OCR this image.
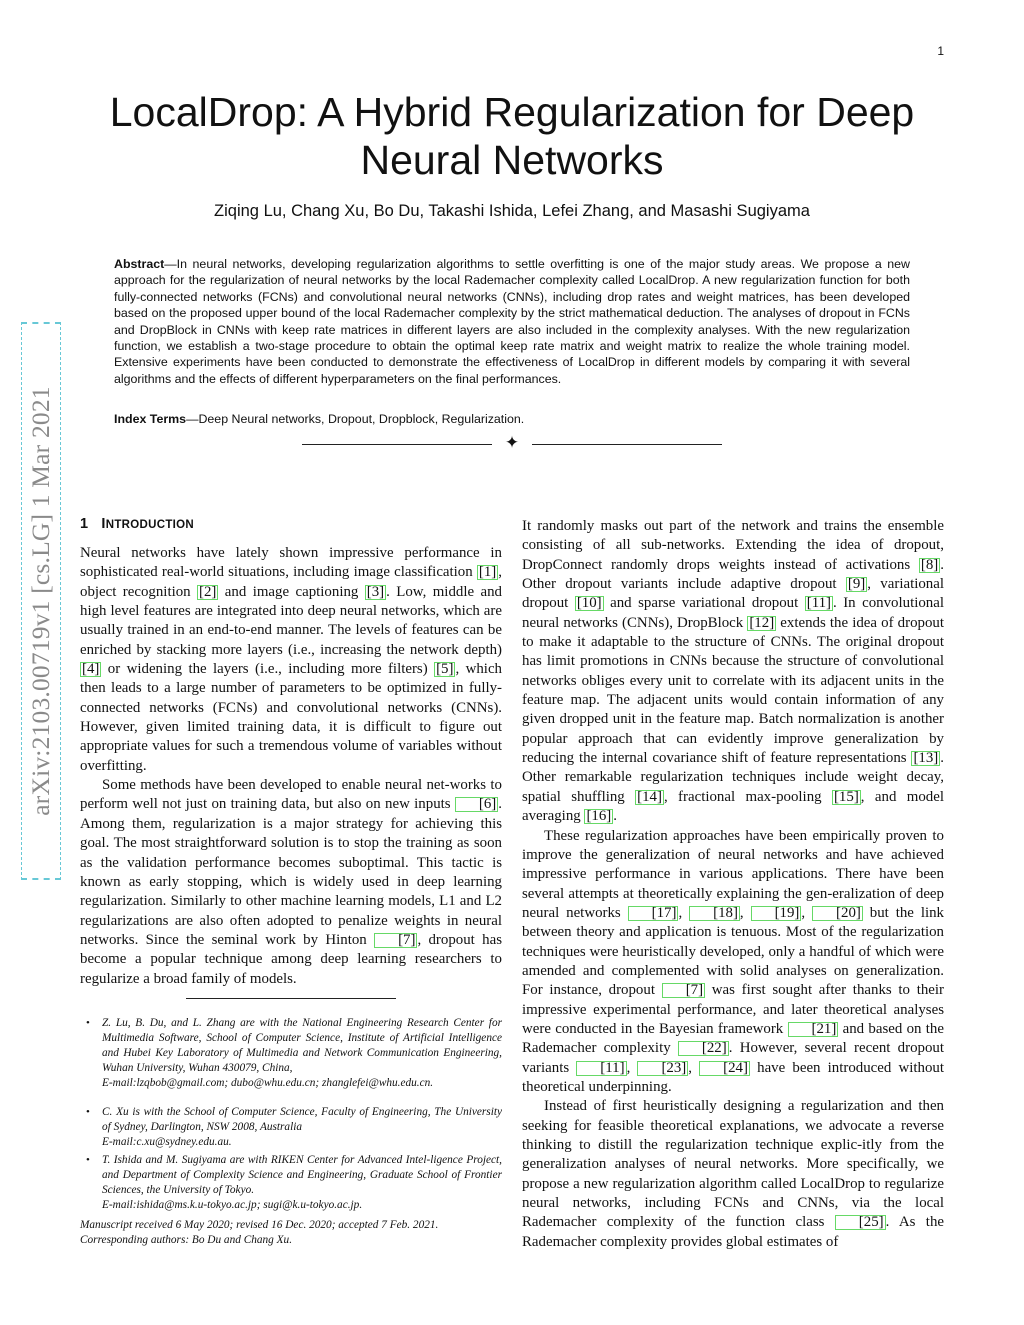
1
arXiv:2103.00719v1 [cs.LG] 1 Mar 2021
LocalDrop: A Hybrid Regularization for Deep
Neural Networks
Ziqing Lu, Chang Xu, Bo Du, Takashi Ishida, Lefei Zhang, and Masashi Sugiyama

Abstract—In neural networks, developing regularization algorithms to settle overfitting is one of the major study areas. We propose a new approach for the regularization of neural networks by the local Rademacher complexity called LocalDrop. A new regularization function for both fully-connected networks (FCNs) and convolutional neural networks (CNNs), including drop rates and weight matrices, has been developed based on the proposed upper bound of the local Rademacher complexity by the strict mathematical deduction. The analyses of dropout in FCNs and DropBlock in CNNs with keep rate matrices in different layers are also included in the complexity analyses. With the new regularization function, we establish a two-stage procedure to obtain the optimal keep rate matrix and weight matrix to realize the whole training model. Extensive experiments have been conducted to demonstrate the effectiveness of LocalDrop in different models by comparing it with several algorithms and the effects of different hyperparameters on the final performances.

Index Terms—Deep Neural networks, Dropout, Dropblock, Regularization.
✦
1 INTRODUCTION

Neural networks have lately shown impressive performance in sophisticated real-world situations, including image classification [1] , object recognition [2] and image captioning [3] . Low, middle and high level features are integrated into deep neural networks, which are usually trained in an end-to-end manner. The levels of features can be enriched by stacking more layers (i.e., increasing the network depth) [4] or widening the layers (i.e., including more filters) [5] , which then leads to a large number of parameters to be optimized in fully-connected networks (FCNs) and convolutional networks (CNNs). However, given limited training data, it is difficult to figure out appropriate values for such a tremendous volume of variables without overfitting.

Some methods have been developed to enable neural net-works to perform well not just on training data, but also on new inputs [6] . Among them, regularization is a major strategy for achieving this goal. The most straightforward solution is to stop the training as soon as the validation performance becomes suboptimal. This tactic is known as early stopping, which is widely used in deep learning regularization. Similarly to other machine learning models, L1 and L2 regularizations are also often adopted to penalize weights in neural networks. Since the seminal work by Hinton [7] , dropout has become a popular technique among deep learning researchers to regularize a broad family of models.

• Z. Lu, B. Du, and L. Zhang are with the National Engineering Research Center for Multimedia Software, School of Computer Science, Institute of Artificial Intelligence and Hubei Key Laboratory of Multimedia and Network Communication Engineering, Wuhan University, Wuhan 430079, China,
E-mail:lzqbob@gmail.com; dubo@whu.edu.cn; zhanglefei@whu.edu.cn.
• C. Xu is with the School of Computer Science, Faculty of Engineering, The University of Sydney, Darlington, NSW 2008, Australia
E-mail:c.xu@sydney.edu.au.
• T. Ishida and M. Sugiyama are with RIKEN Center for Advanced Intel-ligence Project, and Department of Complexity Science and Engineering, Graduate School of Frontier Sciences, the University of Tokyo.
E-mail:ishida@ms.k.u-tokyo.ac.jp; sugi@k.u-tokyo.ac.jp.
Manuscript received 6 May 2020; revised 16 Dec. 2020; accepted 7 Feb. 2021. Corresponding authors: Bo Du and Chang Xu.

It randomly masks out part of the network and trains the ensemble consisting of all sub-networks. Extending the idea of dropout, DropConnect randomly drops weights instead of activations [8] . Other dropout variants include adaptive dropout [9] , variational dropout [10] and sparse variational dropout [11] . In convolutional neural networks (CNNs), DropBlock [12] extends the idea of dropout to make it adaptable to the structure of CNNs. The original dropout has limit promotions in CNNs because the structure of convolutional networks obliges every unit to correlate with its adjacent units in the feature map. The adjacent units would contain information of any given dropped unit in the feature map. Batch normalization is another popular approach that can evidently improve generalization by reducing the internal covariance shift of feature representations [13] . Other remarkable regularization techniques include weight decay, spatial shuffling [14] , fractional max-pooling [15] , and model averaging [16] .

These regularization approaches have been empirically proven to improve the generalization of neural networks and have achieved impressive performance in various applications. There have been several attempts at theoretically explaining the gen-eralization of deep neural networks [17] , [18] , [19] , [20] but the link between theory and application is tenuous. Most of the regularization techniques were heuristically developed, only a handful of which were amended and complemented with solid analyses on generalization. For instance, dropout [7] was first sought after thanks to their impressive experimental performance, and later theoretical analyses were conducted in the Bayesian framework [21] and based on the Rademacher complexity [22] . However, several recent dropout variants [11] , [23] , [24] have been introduced without theoretical underpinning.

Instead of first heuristically designing a regularization and then seeking for feasible theoretical explanations, we advocate a reverse thinking to distill the regularization technique explic-itly from the generalization analyses of neural networks. More specifically, we propose a new regularization algorithm called LocalDrop to regularize neural networks, including FCNs and CNNs, via the local Rademacher complexity of the function class [25] . As the Rademacher complexity provides global estimates of
